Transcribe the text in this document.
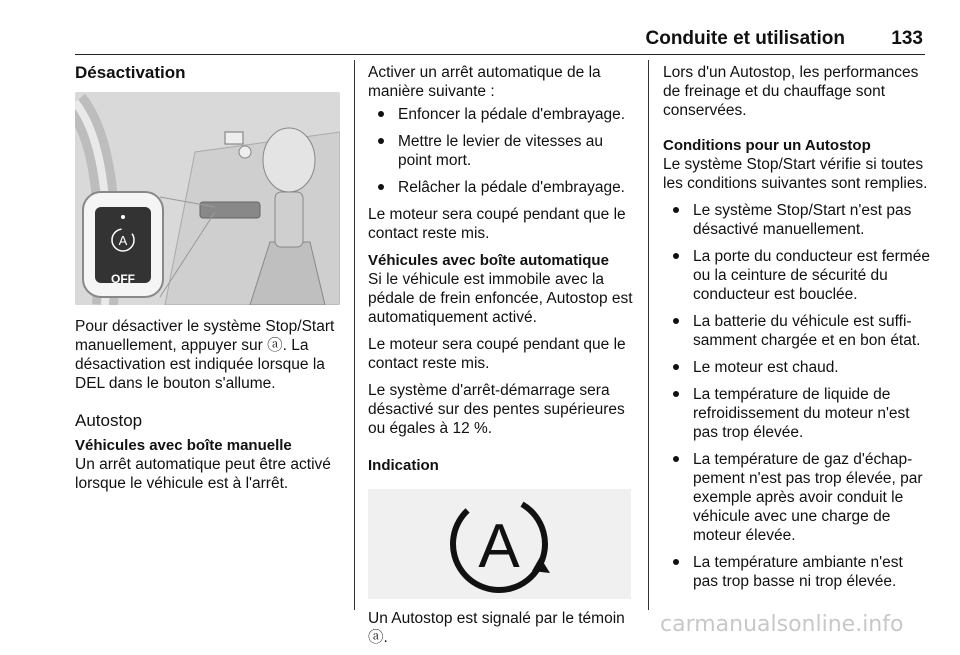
Conduite et utilisation 133
Désactivation
A
OFF

Pour désactiver le système Stop/Start manuellement, appuyer sur ⓐ. La désactivation est indiquée lorsque la DEL dans le bouton s'allume.

Autostop
Véhicules avec boîte manuelle

Un arrêt automatique peut être activé lorsque le véhicule est à l'arrêt.

Activer un arrêt automatique de la manière suivante :

Enfoncer la pédale d'embrayage.
Mettre le levier de vitesses au point mort.
Relâcher la pédale d'embrayage.

Le moteur sera coupé pendant que le contact reste mis.

Véhicules avec boîte automatique

Si le véhicule est immobile avec la pédale de frein enfoncée, Autostop est automatiquement activé.

Le moteur sera coupé pendant que le contact reste mis.

Le système d'arrêt-démarrage sera désactivé sur des pentes supérieures ou égales à 12 %.

Indication
A

Un Autostop est signalé par le témoin ⓐ.

Lors d'un Autostop, les performances de freinage et du chauffage sont conservées.

Conditions pour un Autostop

Le système Stop/Start vérifie si toutes les conditions suivantes sont remplies.

Le système Stop/Start n'est pas désactivé manuellement.
La porte du conducteur est fermée ou la ceinture de sécurité du conducteur est bouclée.
La batterie du véhicule est suffi- samment chargée et en bon état.
Le moteur est chaud.
La température de liquide de refroidissement du moteur n'est pas trop élevée.
La température de gaz d'échap- pement n'est pas trop élevée, par exemple après avoir conduit le véhicule avec une charge de moteur élevée.
La température ambiante n'est pas trop basse ni trop élevée.
carmanualsonline.info
